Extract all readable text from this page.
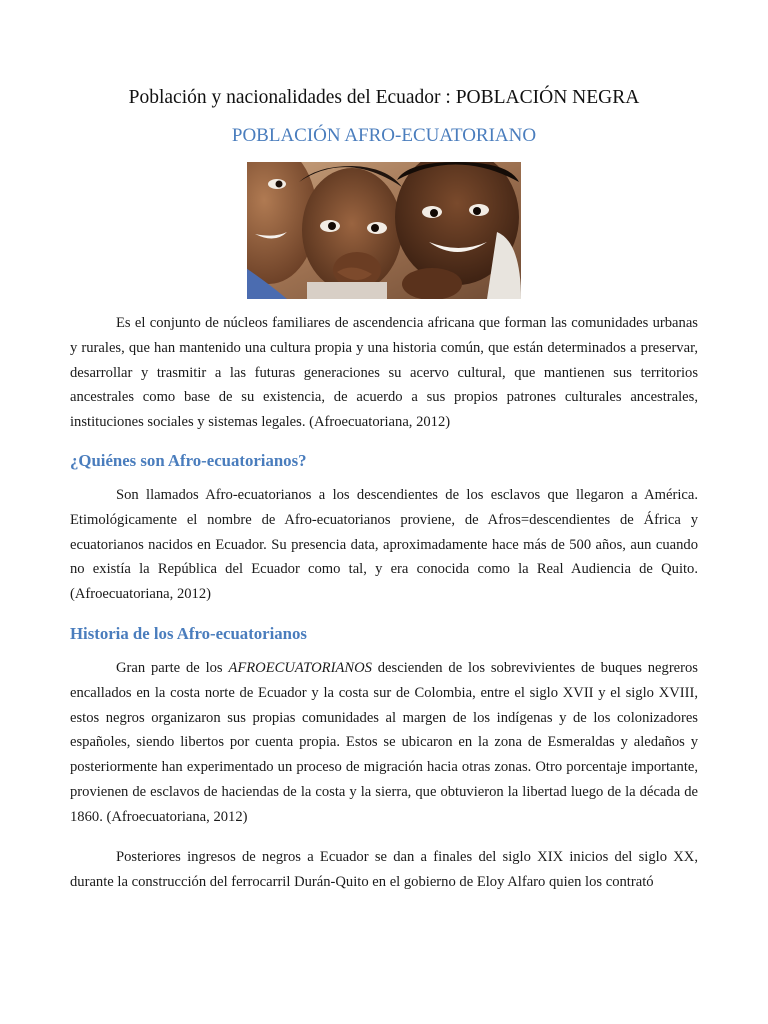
Población y nacionalidades del Ecuador : POBLACIÓN NEGRA
POBLACIÓN AFRO-ECUATORIANO

Es el conjunto de núcleos familiares de ascendencia africana que forman las comunidades urbanas y rurales, que han mantenido una cultura propia y una historia común, que están determinados a preservar, desarrollar y trasmitir a las futuras generaciones su acervo cultural, que mantienen sus territorios ancestrales como base de su existencia, de acuerdo a sus propios patrones culturales ancestrales, instituciones sociales y sistemas legales. (Afroecuatoriana, 2012)

¿Quiénes son Afro-ecuatorianos?

Son llamados Afro-ecuatorianos a los descendientes de los esclavos que llegaron a América. Etimológicamente el nombre de Afro-ecuatorianos proviene, de Afros=descendientes de África y ecuatorianos nacidos en Ecuador. Su presencia data, aproximadamente hace más de 500 años, aun cuando no existía la República del Ecuador como tal, y era conocida como la Real Audiencia de Quito. (Afroecuatoriana, 2012)

Historia de los Afro-ecuatorianos

Gran parte de los AFROECUATORIANOS descienden de los sobrevivientes de buques negreros encallados en la costa norte de Ecuador y la costa sur de Colombia, entre el siglo XVII y el siglo XVIII, estos negros organizaron sus propias comunidades al margen de los indígenas y de los colonizadores españoles, siendo libertos por cuenta propia. Estos se ubicaron en la zona de Esmeraldas y aledaños y posteriormente han experimentado un proceso de migración hacia otras zonas. Otro porcentaje importante, provienen de esclavos de haciendas de la costa y la sierra, que obtuvieron la libertad luego de la década de 1860. (Afroecuatoriana, 2012)

Posteriores ingresos de negros a Ecuador se dan a finales del siglo XIX inicios del siglo XX, durante la construcción del ferrocarril Durán-Quito en el gobierno de Eloy Alfaro quien los contrató
